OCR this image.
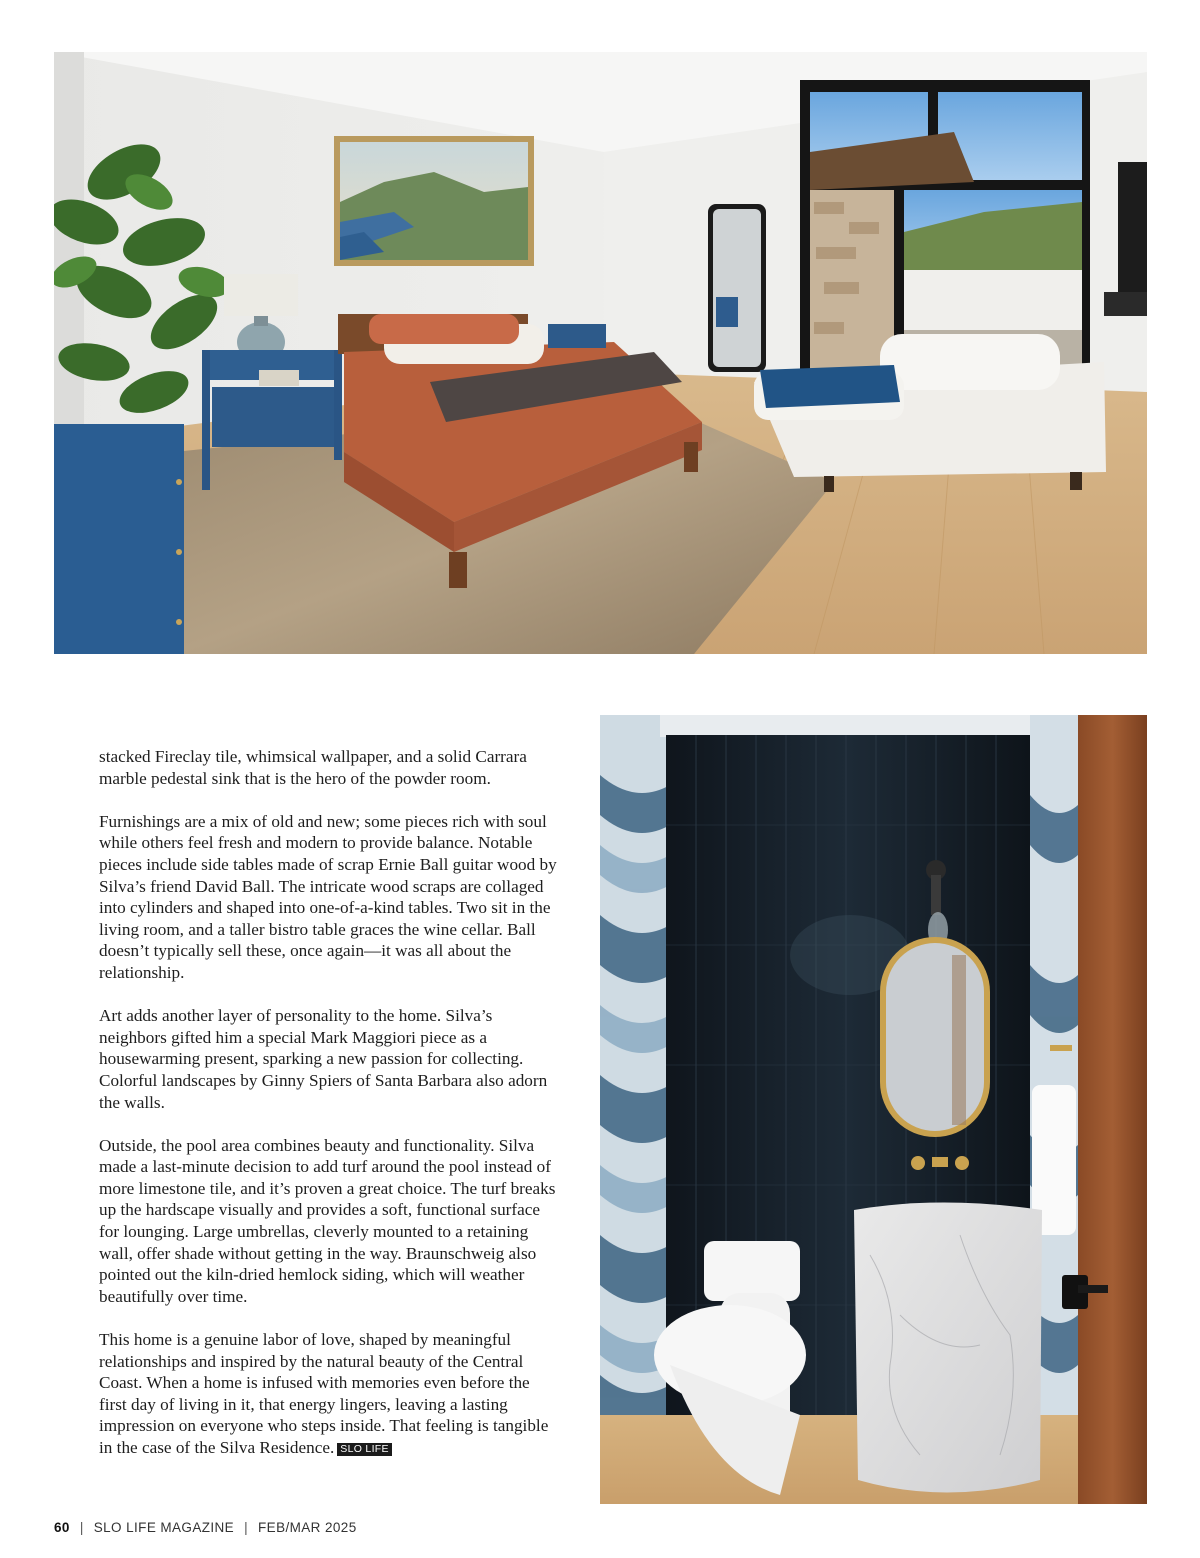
stacked Fireclay tile, whimsical wallpaper, and a solid Carrara marble pedestal sink that is the hero of the powder room.

Furnishings are a mix of old and new; some pieces rich with soul while others feel fresh and modern to provide balance. Notable pieces include side tables made of scrap Ernie Ball guitar wood by Silva’s friend David Ball. The intricate wood scraps are collaged into cylinders and shaped into one-of-a-kind tables. Two sit in the living room, and a taller bistro table graces the wine cellar. Ball doesn’t typically sell these, once again—it was all about the relationship.

Art adds another layer of personality to the home. Silva’s neighbors gifted him a special Mark Maggiori piece as a housewarming present, sparking a new passion for collecting. Colorful landscapes by Ginny Spiers of Santa Barbara also adorn the walls.

Outside, the pool area combines beauty and functionality. Silva made a last-minute decision to add turf around the pool instead of more limestone tile, and it’s proven a great choice. The turf breaks up the hardscape visually and provides a soft, functional surface for lounging. Large umbrellas, cleverly mounted to a retaining wall, offer shade without getting in the way. Braunschweig also pointed out the kiln-dried hemlock siding, which will weather beautifully over time.

This home is a genuine labor of love, shaped by meaningful relationships and inspired by the natural beauty of the Central Coast. When a home is infused with memories even before the first day of living in it, that energy lingers, leaving a lasting impression on everyone who steps inside. That feeling is tangible in the case of the Silva Residence. SLO LIFE

60 | SLO LIFE MAGAZINE | FEB/MAR 2025
